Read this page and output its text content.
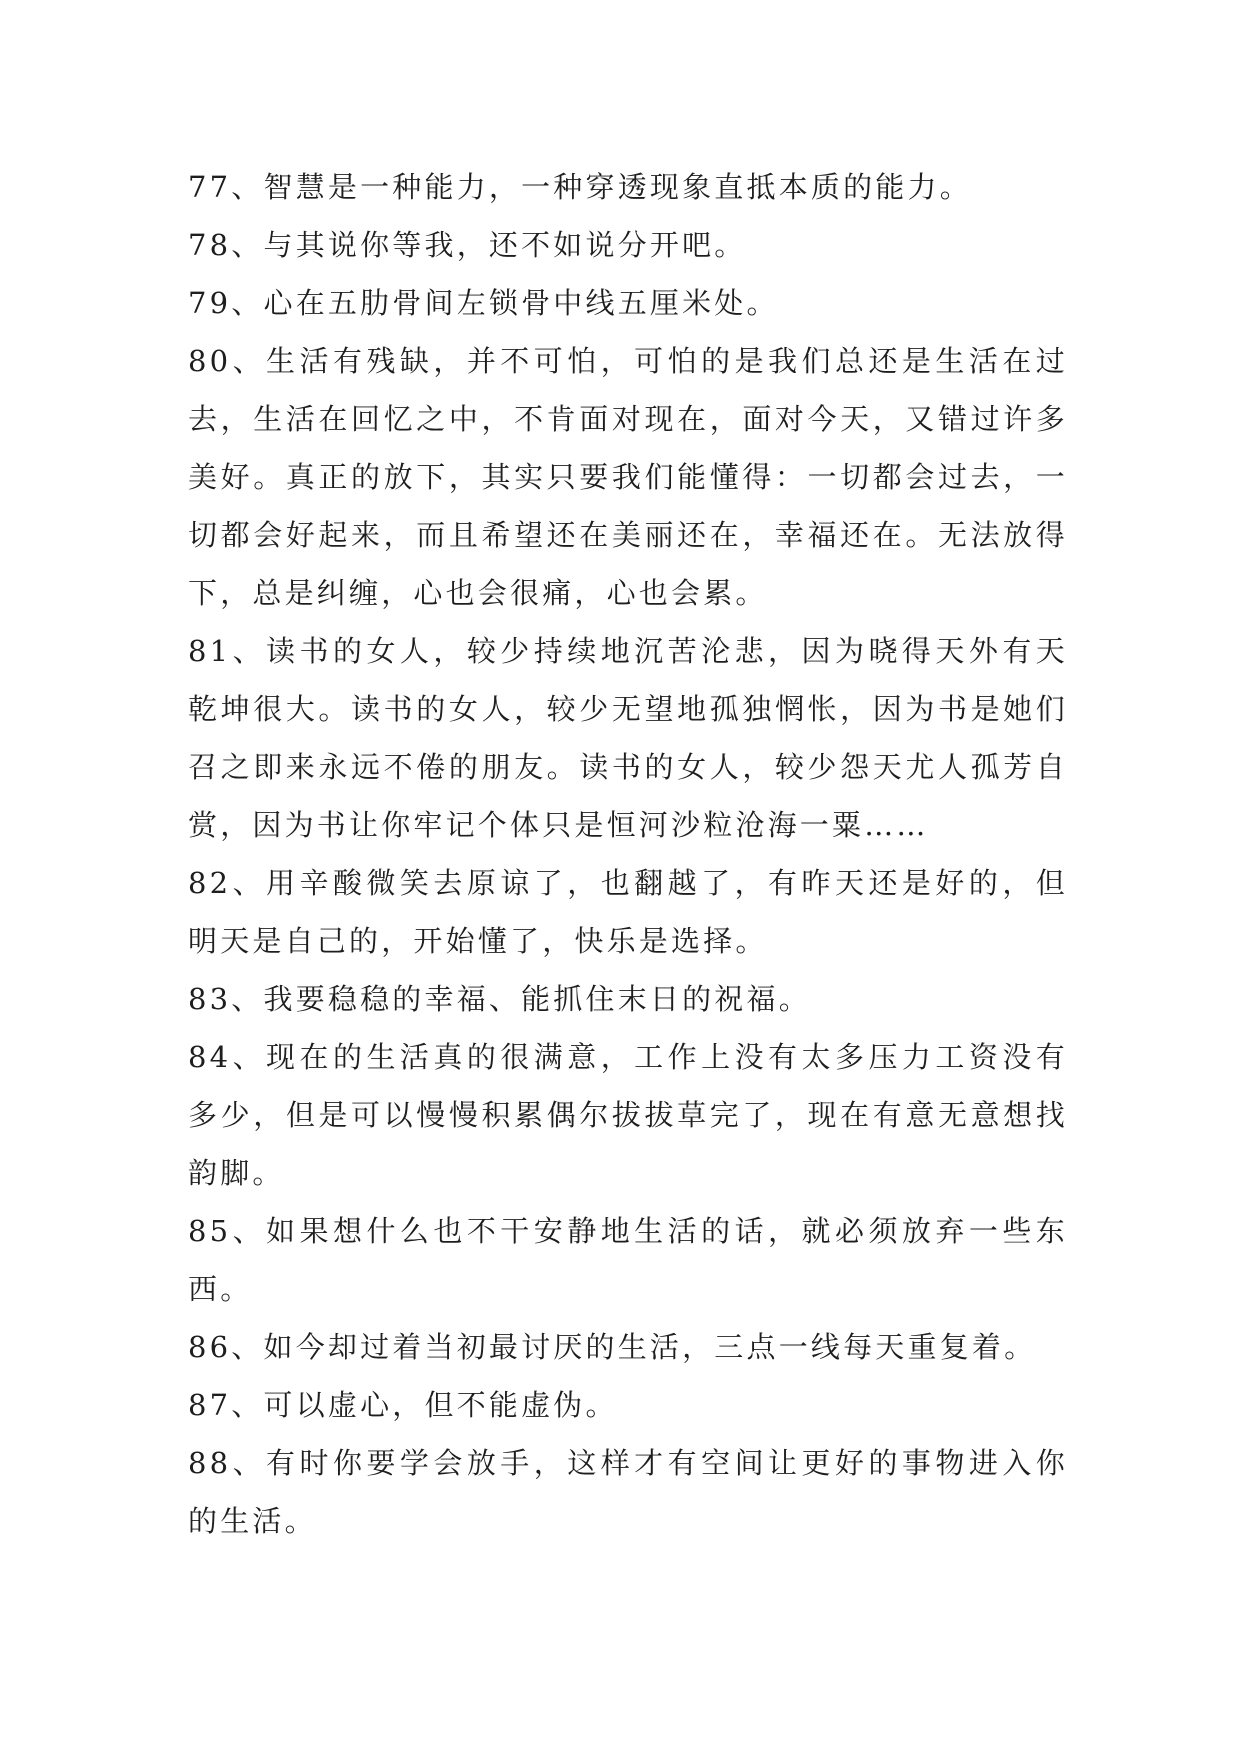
77、智慧是一种能力，一种穿透现象直抵本质的能力。

78、与其说你等我，还不如说分开吧。

79、心在五肋骨间左锁骨中线五厘米处。

80、生活有残缺，并不可怕，可怕的是我们总还是生活在过去，生活在回忆之中，不肯面对现在，面对今天，又错过许多美好。真正的放下，其实只要我们能懂得：一切都会过去，一切都会好起来，而且希望还在美丽还在，幸福还在。无法放得下，总是纠缠，心也会很痛，心也会累。

81、读书的女人，较少持续地沉苦沦悲，因为晓得天外有天乾坤很大。读书的女人，较少无望地孤独惘怅，因为书是她们召之即来永远不倦的朋友。读书的女人，较少怨天尤人孤芳自赏，因为书让你牢记个体只是恒河沙粒沧海一粟……

82、用辛酸微笑去原谅了，也翻越了，有昨天还是好的，但明天是自己的，开始懂了，快乐是选择。

83、我要稳稳的幸福、能抓住末日的祝福。

84、现在的生活真的很满意，工作上没有太多压力工资没有多少，但是可以慢慢积累偶尔拔拔草完了，现在有意无意想找韵脚。

85、如果想什么也不干安静地生活的话，就必须放弃一些东西。

86、如今却过着当初最讨厌的生活，三点一线每天重复着。

87、可以虚心，但不能虚伪。

88、有时你要学会放手，这样才有空间让更好的事物进入你的生活。
